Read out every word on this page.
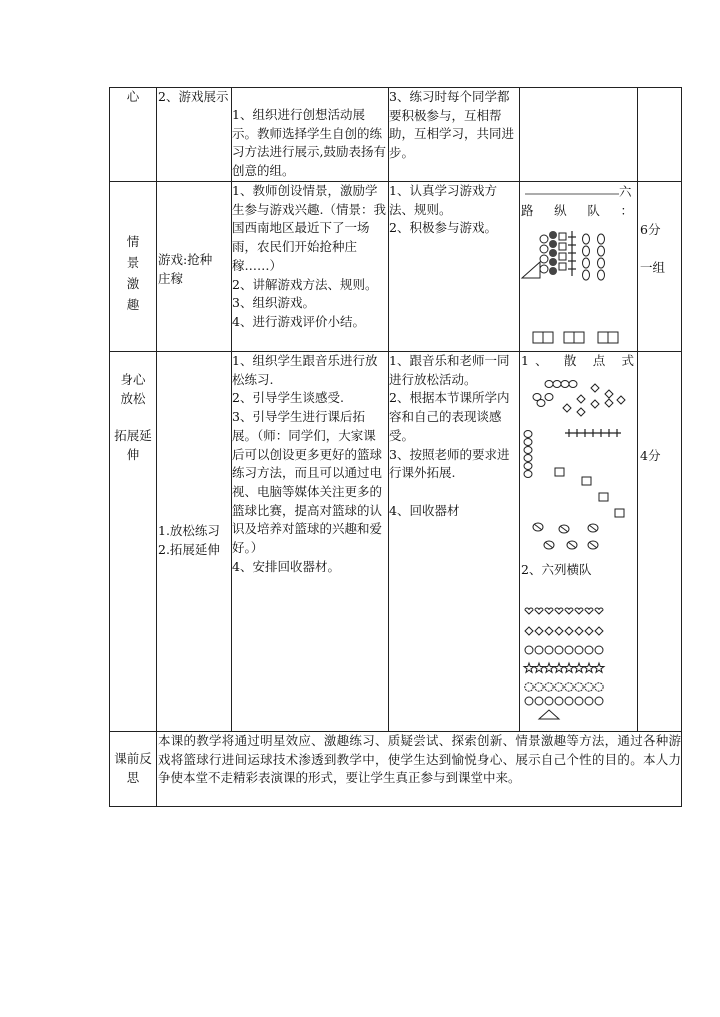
心	2、游戏展示
1、组织进行创想活动展示。教师选择学生自创的练习方法进行展示,鼓励表扬有创意的组。
3、练习时每个同学都要积极参与，互相帮助，互相学习，共同进步。
情
景
激
趣
游戏:抢种
庄稼
1、教师创设情景，激励学生参与游戏兴趣.（情景：我国西南地区最近下了一场雨，农民们开始抢种庄稼……）
2、讲解游戏方法、规则。
3、组织游戏。
4、进行游戏评价小结。
1、认真学习游戏方法、规则。
2、积极参与游戏。
六
路 纵 队 ：
6分
一组
身心
放松
拓展延
伸
1.放松练习
2.拓展延伸
1、组织学生跟音乐进行放松练习.
2、引导学生谈感受.
3、引导学生进行课后拓展。（师：同学们，大家课后可以创设更多更好的篮球练习方法，而且可以通过电视、电脑等媒体关注更多的篮球比赛，提高对篮球的认识及培养对篮球的兴趣和爱好。）
4、安排回收器材。
1、跟音乐和老师一同进行放松活动。
2、根据本节课所学内容和自己的表现谈感受。
3、按照老师的要求进行课外拓展.

4、回收器材
1、 散 点 式
2、六列横队
4分
课前反
思
本课的教学将通过明星效应、激趣练习、质疑尝试、探索创新、情景激趣等方法，通过各种游戏将篮球行进间运球技术渗透到教学中，使学生达到愉悦身心、展示自己个性的目的。本人力争使本堂不走精彩表演课的形式，要让学生真正参与到课堂中来。
